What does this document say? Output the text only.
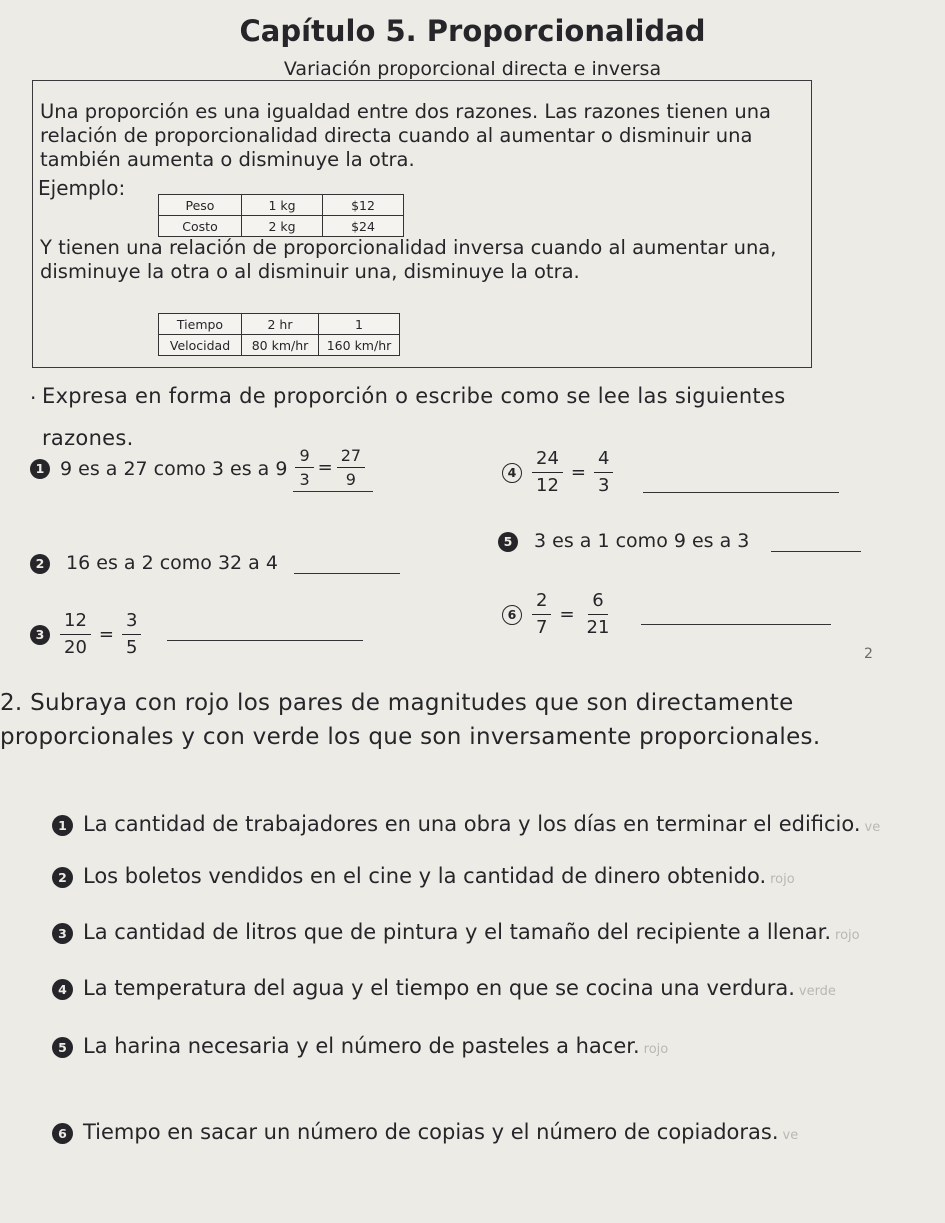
Capítulo 5. Proporcionalidad
Variación proporcional directa e inversa
Una proporción es una igualdad entre dos razones. Las razones tienen una relación de proporcionalidad directa cuando al aumentar o disminuir una también aumenta o disminuye la otra.
Ejemplo:
Peso	1 kg	$12
Costo	2 kg	$24
Y tienen una relación de proporcionalidad inversa cuando al aumentar una, disminuye la otra o al disminuir una, disminuye la otra.
Tiempo	2 hr	1
Velocidad	80 km/hr	160 km/hr
. Expresa en forma de proporción o escribe como se lee las siguientes razones.
1 9 es a 27 como 3 es a $9 \frac{9}{3} = \frac{27}{9}$	$4 \frac{24}{12} = \frac{4}{3}$
2 16 es a 2 como 32 a 4
5 3 es a 1 como 9 es a 3
$3 \frac{12}{20} = \frac{3}{5}$	$6 \frac{2}{7} = \frac{6}{21}$
2
2. Subraya con rojo los pares de magnitudes que son directamente proporcionales y con verde los que son inversamente proporcionales.
1 La cantidad de trabajadores en una obra y los días en terminar el edificio. ve
2 Los boletos vendidos en el cine y la cantidad de dinero obtenido. rojo
3 La cantidad de litros que de pintura y el tamaño del recipiente a llenar. rojo
4 La temperatura del agua y el tiempo en que se cocina una verdura. verde
5 La harina necesaria y el número de pasteles a hacer. rojo
6 Tiempo en sacar un número de copias y el número de copiadoras. ve
